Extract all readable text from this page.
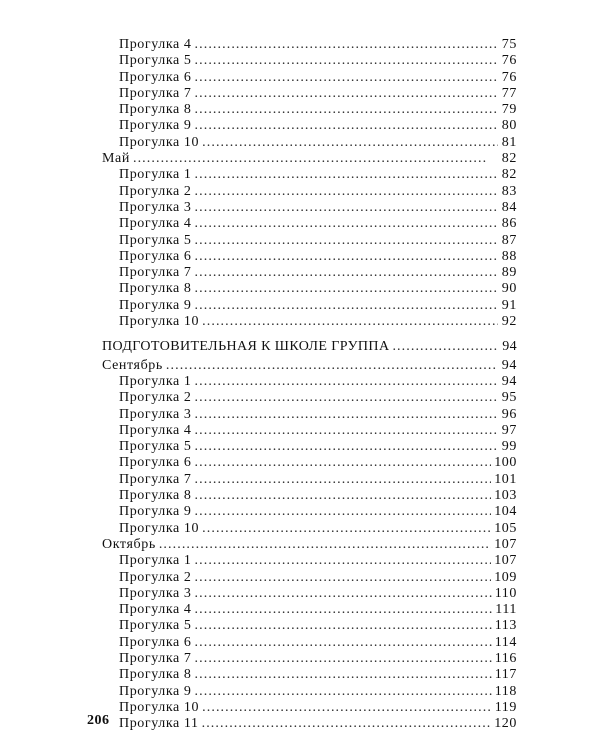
Прогулка 4 . . .	75
Прогулка 5 . . .	76
Прогулка 6 . . .	76
Прогулка 7 . . .	77
Прогулка 8 . . .	79
Прогулка 9 . . .	80
Прогулка 10 . . .	81
Май . . .	82
Прогулка 1 . . .	82
Прогулка 2 . . .	83
Прогулка 3 . . .	84
Прогулка 4 . . .	86
Прогулка 5 . . .	87
Прогулка 6 . . .	88
Прогулка 7 . . .	89
Прогулка 8 . . .	90
Прогулка 9 . . .	91
Прогулка 10 . . .	92
ПОДГОТОВИТЕЛЬНАЯ К ШКОЛЕ ГРУППА . . .	94
Сентябрь . . .	94
Прогулка 1 . . .	94
Прогулка 2 . . .	95
Прогулка 3 . . .	96
Прогулка 4 . . .	97
Прогулка 5 . . .	99
Прогулка 6 . . .	100
Прогулка 7 . . .	101
Прогулка 8 . . .	103
Прогулка 9 . . .	104
Прогулка 10 . . .	105
Октябрь . . .	107
Прогулка 1 . . .	107
Прогулка 2 . . .	109
Прогулка 3 . . .	110
Прогулка 4 . . .	111
Прогулка 5 . . .	113
Прогулка 6 . . .	114
Прогулка 7 . . .	116
Прогулка 8 . . .	117
Прогулка 9 . . .	118
Прогулка 10 . . .	119
Прогулка 11 . . .	120
206
